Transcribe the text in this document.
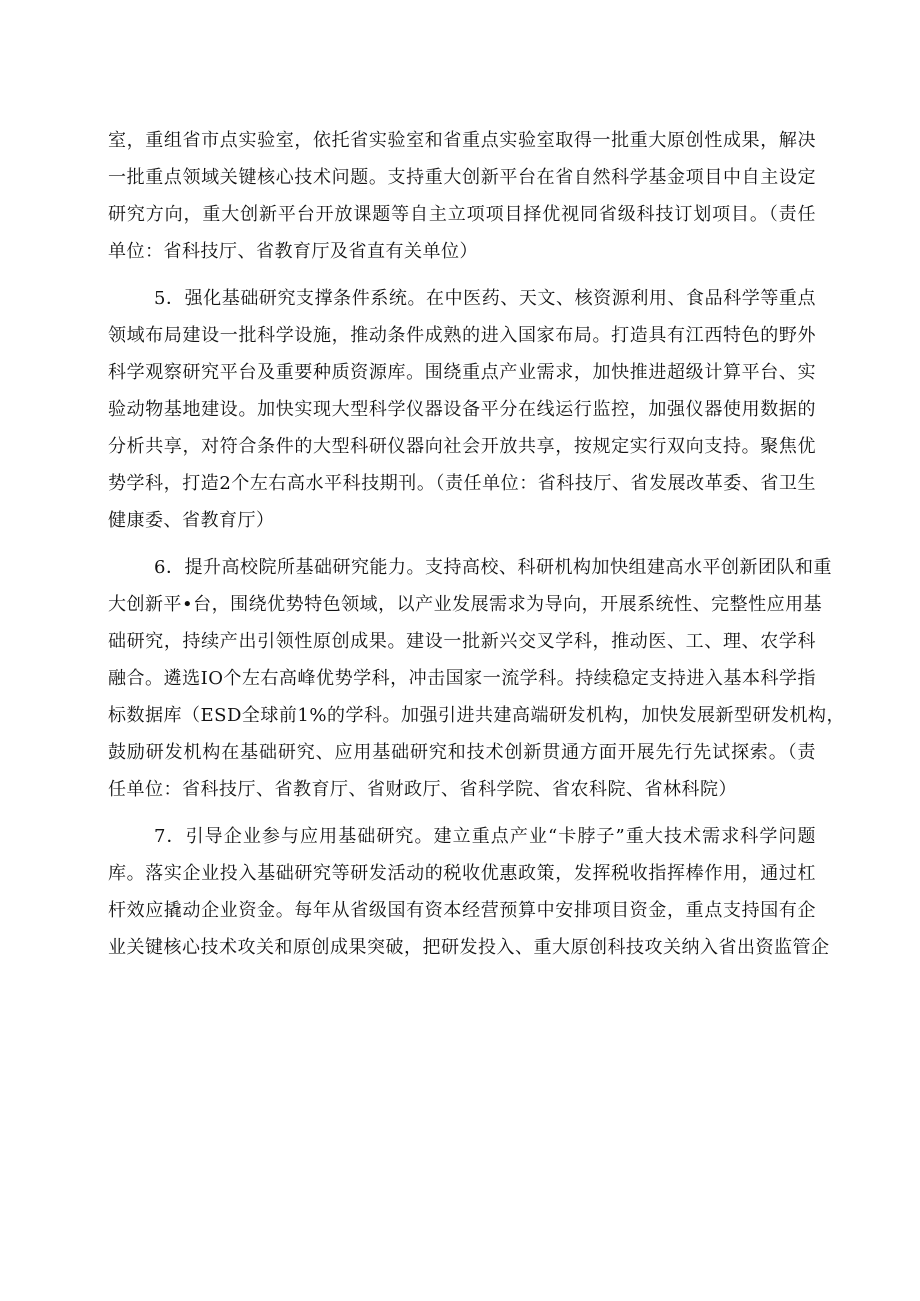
室，重组省市点实验室，依托省实验室和省重点实验室取得一批重大原创性成果，解决
一批重点领域关键核心技术问题。支持重大创新平台在省自然科学基金项目中自主设定
研究方向，重大创新平台开放课题等自主立项项目择优视同省级科技订划项目。（责任
单位：省科技厅、省教育厅及省直有关单位）
5．强化基础研究支撑条件系统。在中医药、天文、核资源利用、食品科学等重点
领域布局建设一批科学设施，推动条件成熟的进入国家布局。打造具有江西特色的野外
科学观察研究平台及重要种质资源库。围绕重点产业需求，加快推进超级计算平台、实
验动物基地建设。加快实现大型科学仪器设备平分在线运行监控，加强仪器使用数据的
分析共享，对符合条件的大型科研仪器向社会开放共享，按规定实行双向支持。聚焦优
势学科，打造2个左右高水平科技期刊。（责任单位：省科技厅、省发展改革委、省卫生
健康委、省教育厅）
6．提升高校院所基础研究能力。支持高校、科研机构加快组建高水平创新团队和重
大创新平•台，围绕优势特色领域，以产业发展需求为导向，开展系统性、完整性应用基
础研究，持续产出引领性原创成果。建设一批新兴交叉学科，推动医、工、理、农学科
融合。遴选IO个左右高峰优势学科，冲击国家一流学科。持续稳定支持进入基本科学指
标数据库（ESD全球前1%的学科。加强引进共建高端研发机构，加快发展新型研发机构，
鼓励研发机构在基础研究、应用基础研究和技术创新贯通方面开展先行先试探索。（责
任单位：省科技厅、省教育厅、省财政厅、省科学院、省农科院、省林科院）
7．引导企业参与应用基础研究。建立重点产业“卡脖子”重大技术需求科学问题
库。落实企业投入基础研究等研发活动的税收优惠政策，发挥税收指挥棒作用，通过杠
杆效应撬动企业资金。每年从省级国有资本经营预算中安排项目资金，重点支持国有企
业关键核心技术攻关和原创成果突破，把研发投入、重大原创科技攻关纳入省出资监管企
